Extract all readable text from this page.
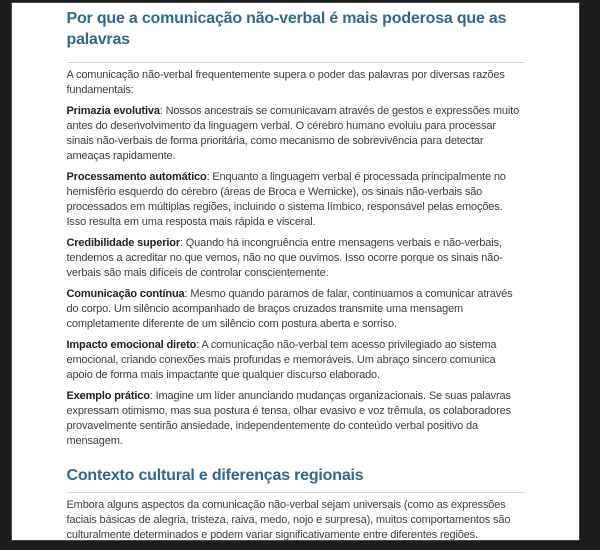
Por que a comunicação não-verbal é mais poderosa que as palavras

A comunicação não-verbal frequentemente supera o poder das palavras por diversas razões fundamentais:

Primazia evolutiva: Nossos ancestrais se comunicavam através de gestos e expressões muito antes do desenvolvimento da linguagem verbal. O cérebro humano evoluiu para processar sinais não-verbais de forma prioritária, como mecanismo de sobrevivência para detectar ameaças rapidamente.

Processamento automático: Enquanto a linguagem verbal é processada principalmente no hemisfério esquerdo do cérebro (áreas de Broca e Wernicke), os sinais não-verbais são processados em múltiplas regiões, incluindo o sistema límbico, responsável pelas emoções. Isso resulta em uma resposta mais rápida e visceral.

Credibilidade superior: Quando há incongruência entre mensagens verbais e não-verbais, tendemos a acreditar no que vemos, não no que ouvimos. Isso ocorre porque os sinais não-verbais são mais difíceis de controlar conscientemente.

Comunicação contínua: Mesmo quando paramos de falar, continuamos a comunicar através do corpo. Um silêncio acompanhado de braços cruzados transmite uma mensagem completamente diferente de um silêncio com postura aberta e sorriso.

Impacto emocional direto: A comunicação não-verbal tem acesso privilegiado ao sistema emocional, criando conexões mais profundas e memoráveis. Um abraço sincero comunica apoio de forma mais impactante que qualquer discurso elaborado.

Exemplo prático: Imagine um líder anunciando mudanças organizacionais. Se suas palavras expressam otimismo, mas sua postura é tensa, olhar evasivo e voz trêmula, os colaboradores provavelmente sentirão ansiedade, independentemente do conteúdo verbal positivo da mensagem.

Contexto cultural e diferenças regionais

Embora alguns aspectos da comunicação não-verbal sejam universais (como as expressões faciais básicas de alegria, tristeza, raiva, medo, nojo e surpresa), muitos comportamentos são culturalmente determinados e podem variar significativamente entre diferentes regiões.
